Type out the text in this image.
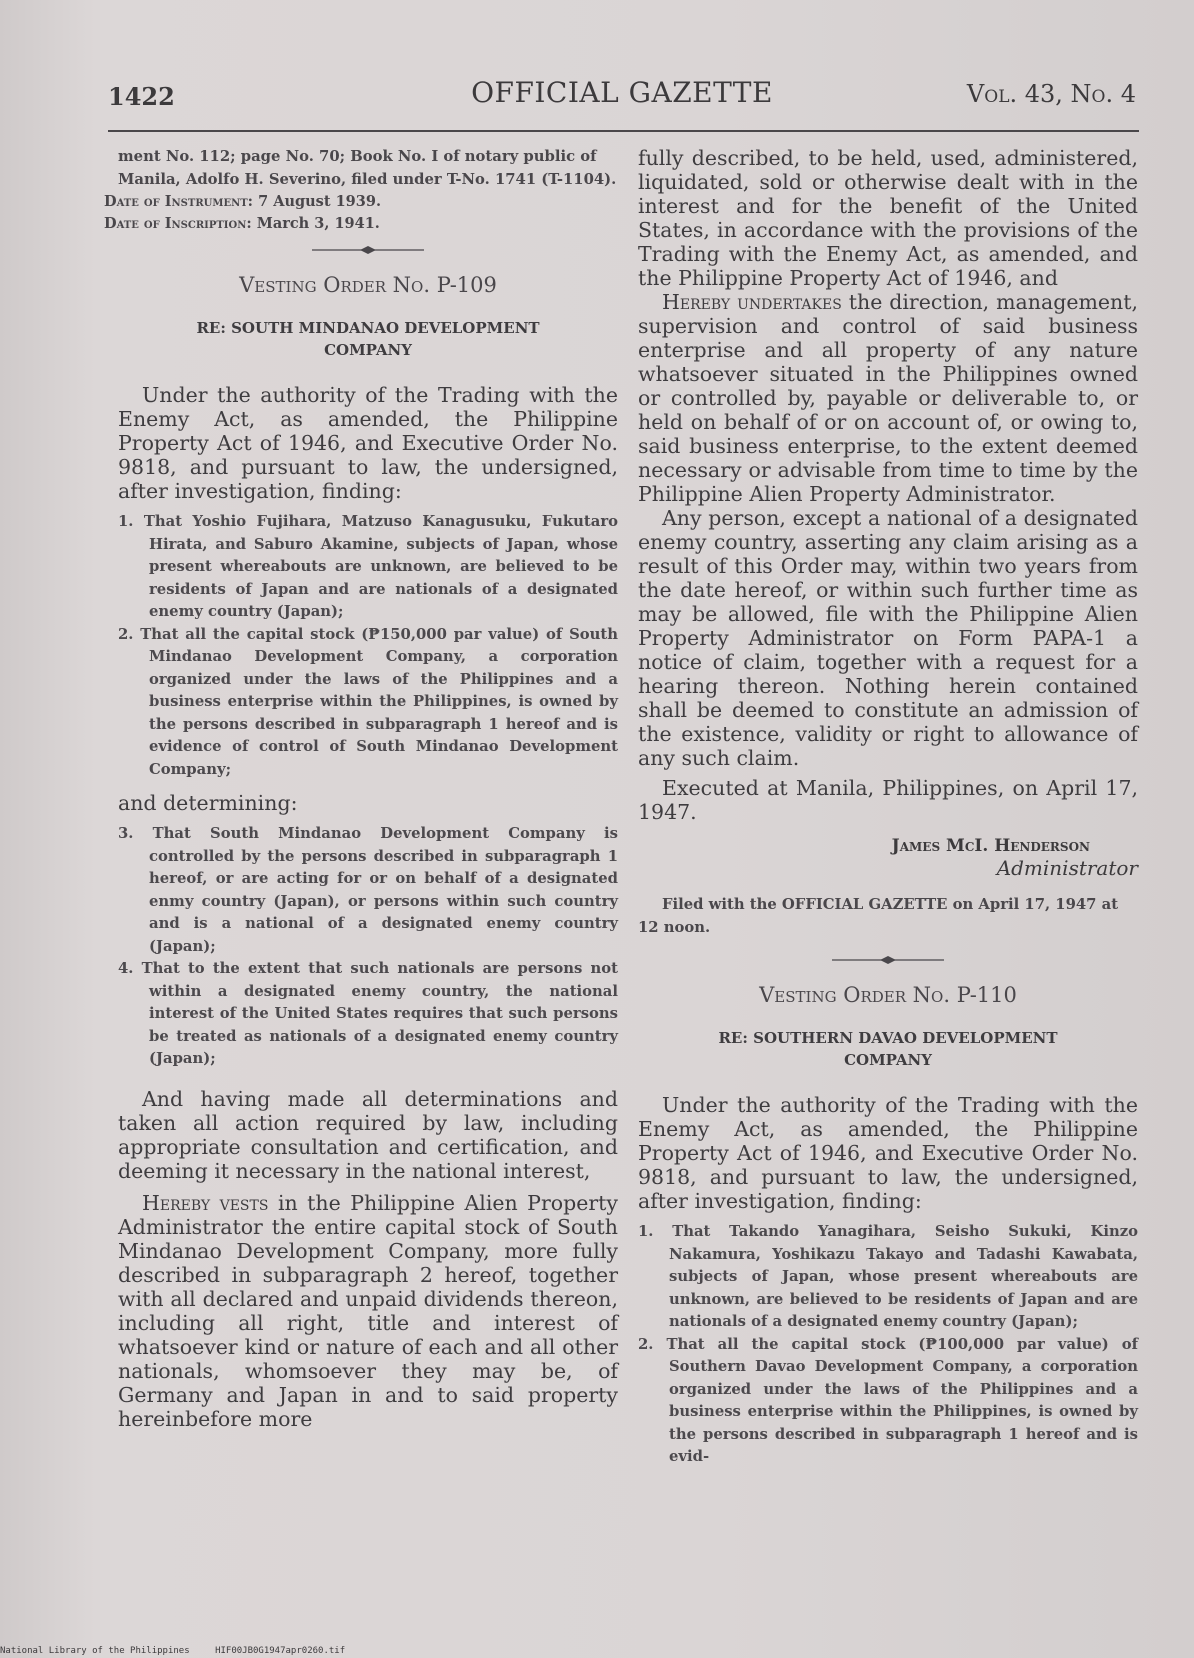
1422	OFFICIAL GAZETTE	Vol. 43, No. 4

ment No. 112; page No. 70; Book No. I of notary public of Manila, Adolfo H. Severino, filed under T-No. 1741 (T-1104).

Date of Instrument: 7 August 1939.

Date of Inscription: March 3, 1941.

Vesting Order No. P-109
RE: SOUTH MINDANAO DEVELOPMENT COMPANY

Under the authority of the Trading with the Enemy Act, as amended, the Philippine Property Act of 1946, and Executive Order No. 9818, and pursuant to law, the undersigned, after investigation, finding:

1. That Yoshio Fujihara, Matzuso Kanagusuku, Fukutaro Hirata, and Saburo Akamine, subjects of Japan, whose present whereabouts are unknown, are believed to be residents of Japan and are nationals of a designated enemy country (Japan);
2. That all the capital stock (₱150,000 par value) of South Mindanao Development Company, a corporation organized under the laws of the Philippines and a business enterprise within the Philippines, is owned by the persons described in subparagraph 1 hereof and is evidence of control of South Mindanao Development Company;

and determining:

3. That South Mindanao Development Company is controlled by the persons described in subparagraph 1 hereof, or are acting for or on behalf of a designated enmy country (Japan), or persons within such country and is a national of a designated enemy country (Japan);
4. That to the extent that such nationals are persons not within a designated enemy country, the national interest of the United States requires that such persons be treated as nationals of a designated enemy country (Japan);

And having made all determinations and taken all action required by law, including appropriate consultation and certification, and deeming it necessary in the national interest,

Hereby vests in the Philippine Alien Property Administrator the entire capital stock of South Mindanao Development Company, more fully described in subparagraph 2 hereof, together with all declared and unpaid dividends thereon, including all right, title and interest of whatsoever kind or nature of each and all other nationals, whomsoever they may be, of Germany and Japan in and to said property hereinbefore more

fully described, to be held, used, administered, liquidated, sold or otherwise dealt with in the interest and for the benefit of the United States, in accordance with the provisions of the Trading with the Enemy Act, as amended, and the Philippine Property Act of 1946, and

Hereby undertakes the direction, management, supervision and control of said business enterprise and all property of any nature whatsoever situated in the Philippines owned or controlled by, payable or deliverable to, or held on behalf of or on account of, or owing to, said business enterprise, to the extent deemed necessary or advisable from time to time by the Philippine Alien Property Administrator.

Any person, except a national of a designated enemy country, asserting any claim arising as a result of this Order may, within two years from the date hereof, or within such further time as may be allowed, file with the Philippine Alien Property Administrator on Form PAPA-1 a notice of claim, together with a request for a hearing thereon. Nothing herein contained shall be deemed to constitute an admission of the existence, validity or right to allowance of any such claim.

Executed at Manila, Philippines, on April 17, 1947.

James McI. Henderson
Administrator

Filed with the OFFICIAL GAZETTE on April 17, 1947 at 12 noon.

Vesting Order No. P-110
RE: SOUTHERN DAVAO DEVELOPMENT COMPANY

Under the authority of the Trading with the Enemy Act, as amended, the Philippine Property Act of 1946, and Executive Order No. 9818, and pursuant to law, the undersigned, after investigation, finding:

1. That Takando Yanagihara, Seisho Sukuki, Kinzo Nakamura, Yoshikazu Takayo and Tadashi Kawabata, subjects of Japan, whose present whereabouts are unknown, are believed to be residents of Japan and are nationals of a designated enemy country (Japan);
2. That all the capital stock (₱100,000 par value) of Southern Davao Development Company, a corporation organized under the laws of the Philippines and a business enterprise within the Philippines, is owned by the persons described in subparagraph 1 hereof and is evid-
National Library of the Philippines	HIF00JB0G1947apr0260.tif
